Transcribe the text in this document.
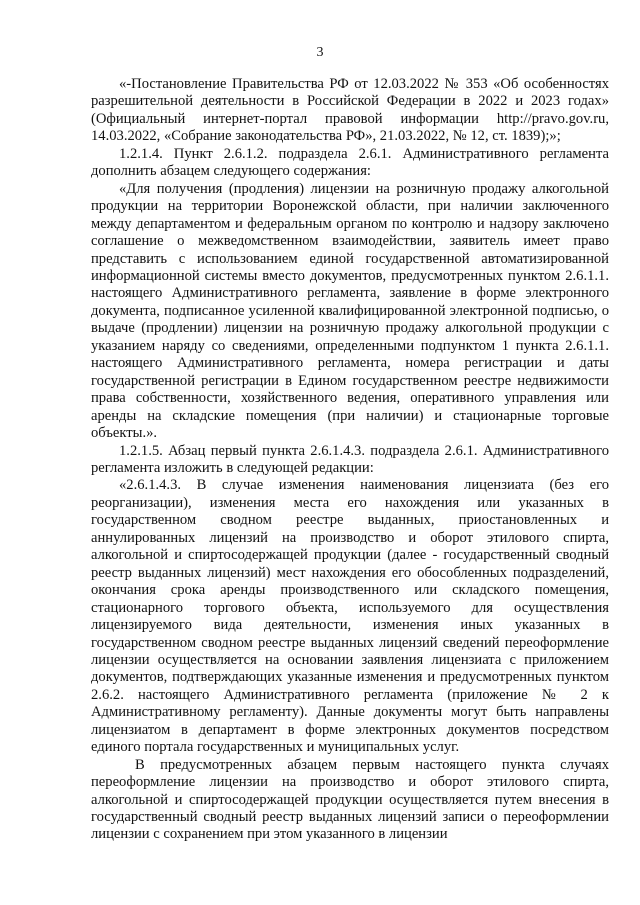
3

«-Постановление Правительства РФ от 12.03.2022 № 353 «Об особенностях разрешительной деятельности в Российской Федерации в 2022 и 2023 годах» (Официальный интернет-портал правовой информации http://pravo.gov.ru, 14.03.2022, «Собрание законодательства РФ», 21.03.2022, № 12, ст. 1839);»;

1.2.1.4. Пункт 2.6.1.2. подраздела 2.6.1. Административного регламента дополнить абзацем следующего содержания:

«Для получения (продления) лицензии на розничную продажу алкогольной продукции на территории Воронежской области, при наличии заключенного между департаментом и федеральным органом по контролю и надзору заключено соглашение о межведомственном взаимодействии, заявитель имеет право представить с использованием единой государственной автоматизированной информационной системы вместо документов, предусмотренных пунктом 2.6.1.1. настоящего Административного регламента, заявление в форме электронного документа, подписанное усиленной квалифицированной электронной подписью, о выдаче (продлении) лицензии на розничную продажу алкогольной продукции с указанием наряду со сведениями, определенными подпунктом 1 пункта 2.6.1.1. настоящего Административного регламента, номера регистрации и даты государственной регистрации в Едином государственном реестре недвижимости права собственности, хозяйственного ведения, оперативного управления или аренды на складские помещения (при наличии) и стационарные торговые объекты.».

1.2.1.5. Абзац первый пункта 2.6.1.4.3. подраздела 2.6.1. Административного регламента изложить в следующей редакции:

«2.6.1.4.3. В случае изменения наименования лицензиата (без его реорганизации), изменения места его нахождения или указанных в государственном сводном реестре выданных, приостановленных и аннулированных лицензий на производство и оборот этилового спирта, алкогольной и спиртосодержащей продукции (далее - государственный сводный реестр выданных лицензий) мест нахождения его обособленных подразделений, окончания срока аренды производственного или складского помещения, стационарного торгового объекта, используемого для осуществления лицензируемого вида деятельности, изменения иных указанных в государственном сводном реестре выданных лицензий сведений переоформление лицензии осуществляется на основании заявления лицензиата с приложением документов, подтверждающих указанные изменения и предусмотренных пунктом 2.6.2. настоящего Административного регламента (приложение № 2 к Административному регламенту). Данные документы могут быть направлены лицензиатом в департамент в форме электронных документов посредством единого портала государственных и муниципальных услуг.

В предусмотренных абзацем первым настоящего пункта случаях переоформление лицензии на производство и оборот этилового спирта, алкогольной и спиртосодержащей продукции осуществляется путем внесения в государственный сводный реестр выданных лицензий записи о переоформлении лицензии с сохранением при этом указанного в лицензии
